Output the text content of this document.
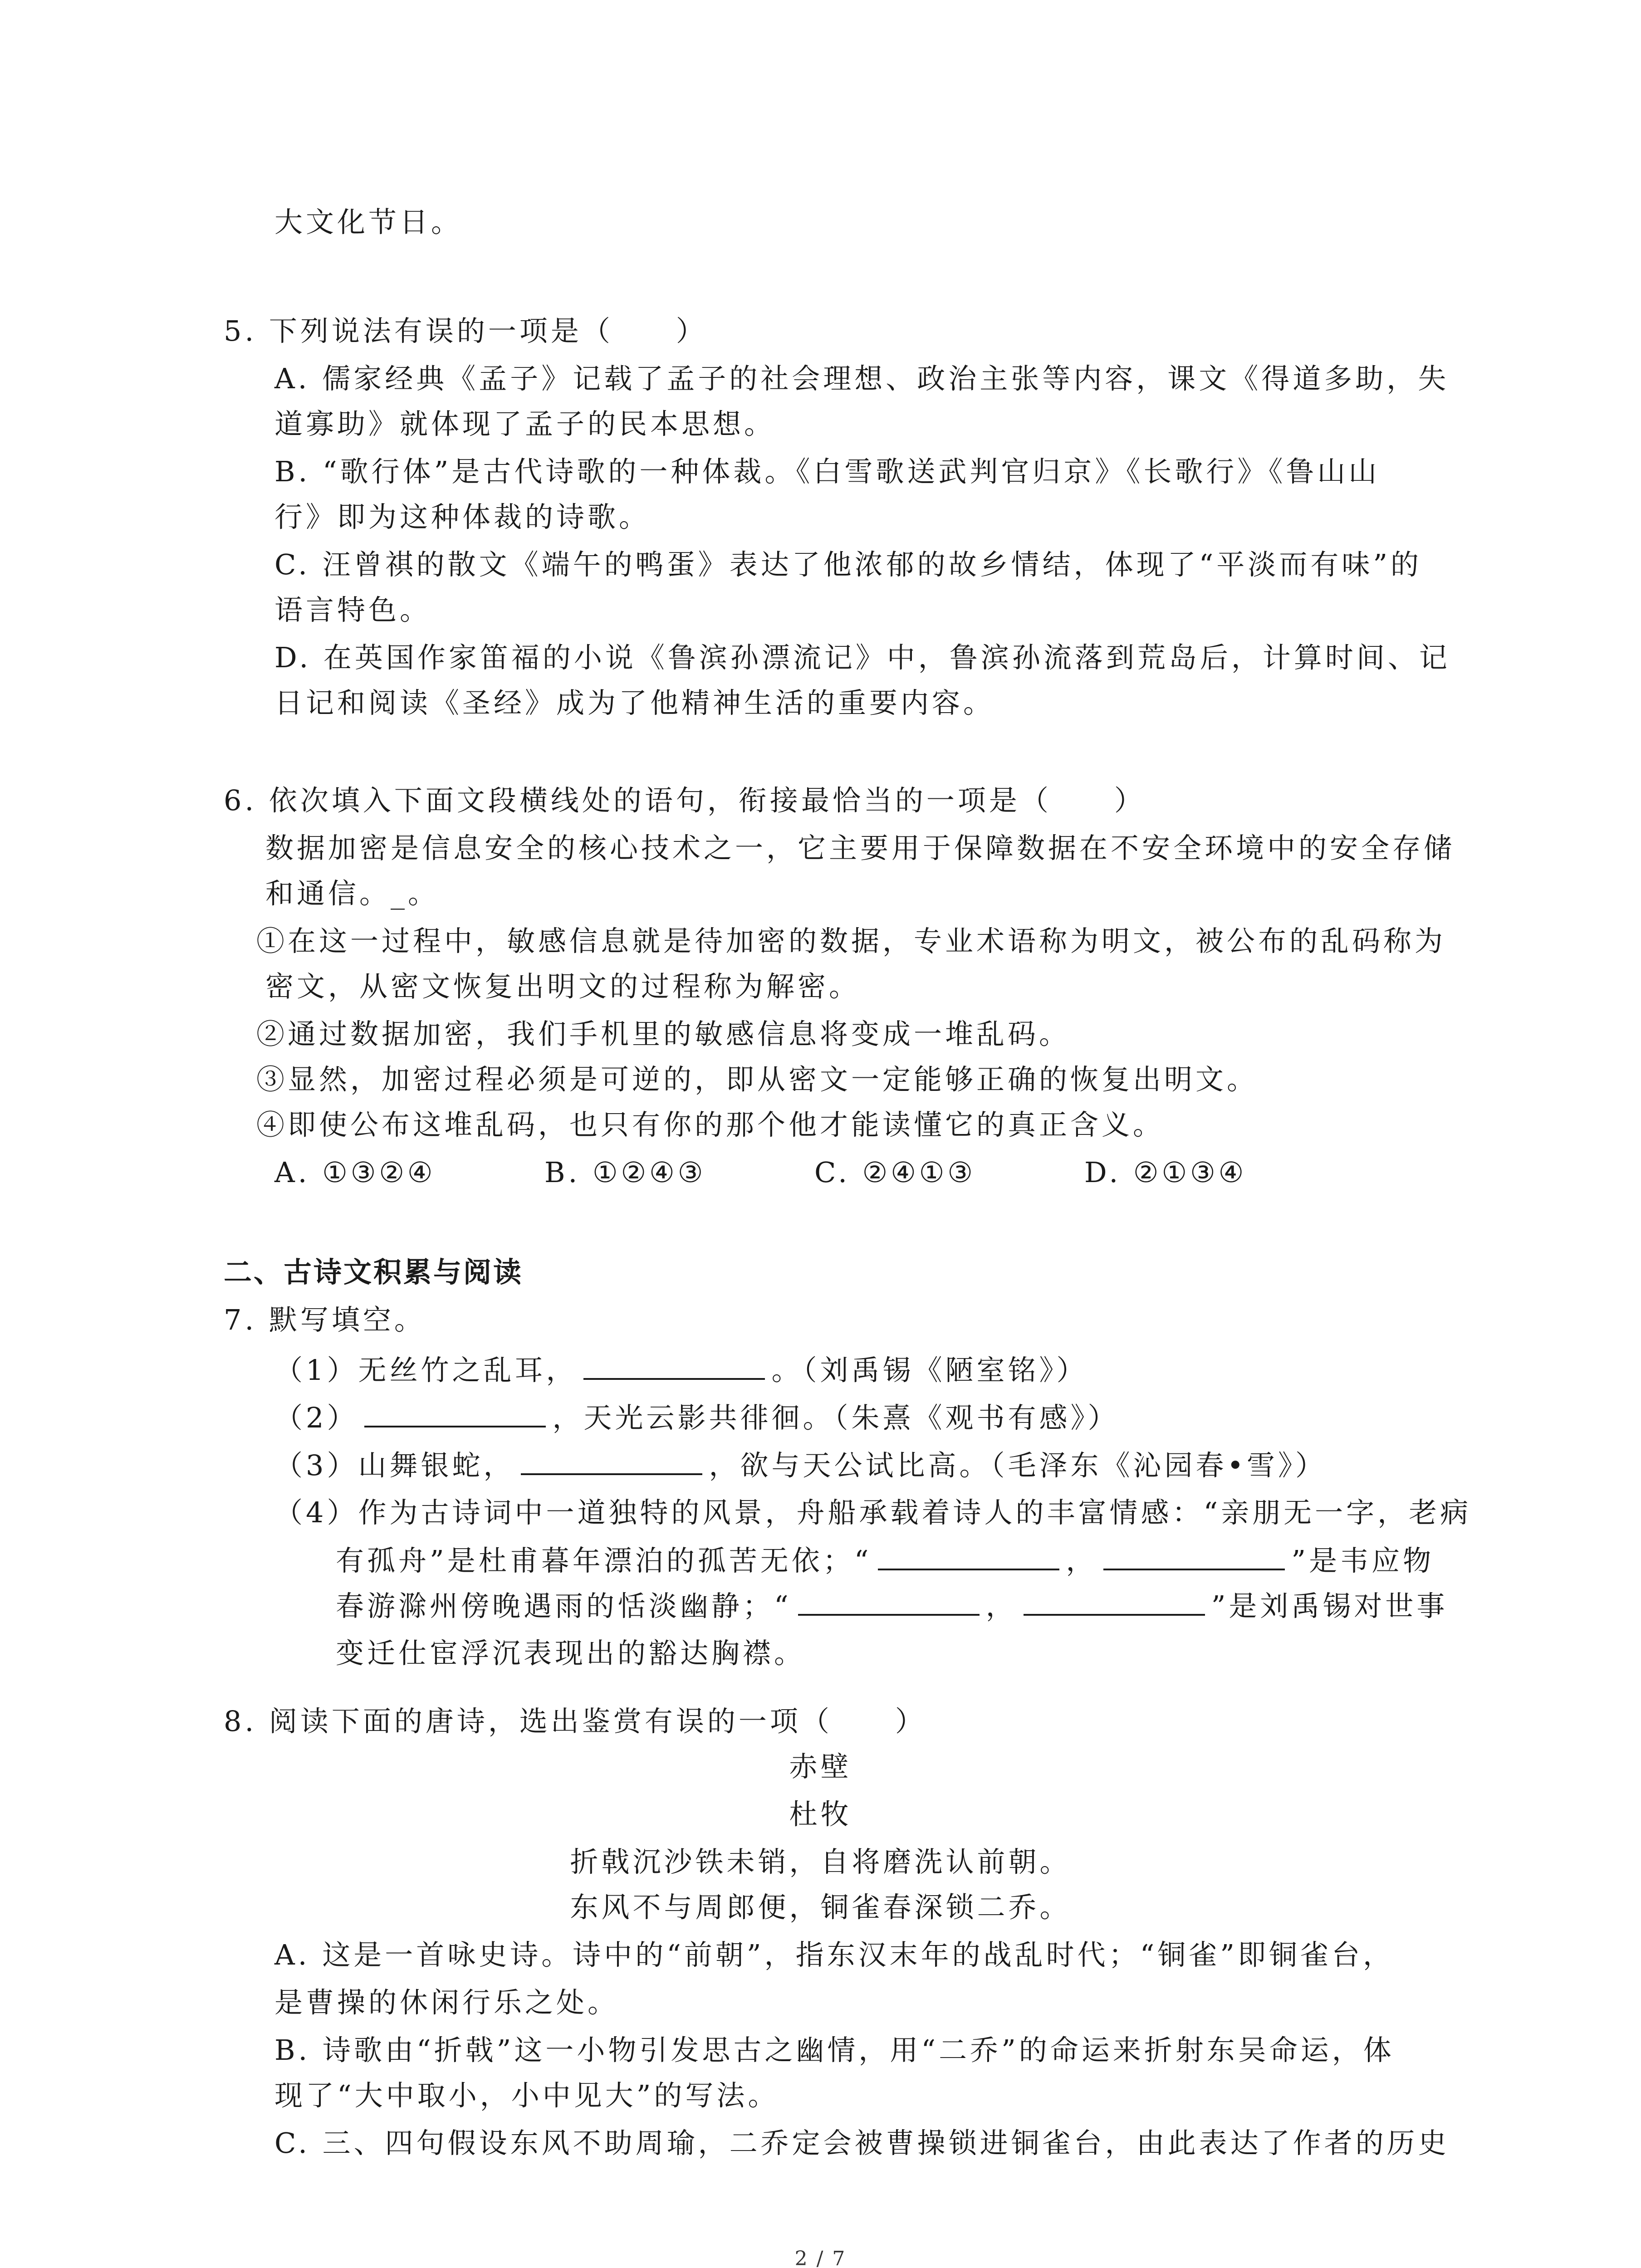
大文化节日。
5. 下列说法有误的一项是（　　）
A. 儒家经典《孟子》记载了孟子的社会理想、政治主张等内容，课文《得道多助，失
道寡助》就体现了孟子的民本思想。
B. “歌行体”是古代诗歌的一种体裁。《白雪歌送武判官归京》《长歌行》《鲁山山
行》即为这种体裁的诗歌。
C. 汪曾祺的散文《端午的鸭蛋》表达了他浓郁的故乡情结，体现了“平淡而有味”的
语言特色。
D. 在英国作家笛福的小说《鲁滨孙漂流记》中，鲁滨孙流落到荒岛后，计算时间、记
日记和阅读《圣经》成为了他精神生活的重要内容。
6. 依次填入下面文段横线处的语句，衔接最恰当的一项是（　　）
数据加密是信息安全的核心技术之一，它主要用于保障数据在不安全环境中的安全存储
和通信。_。
①在这一过程中，敏感信息就是待加密的数据，专业术语称为明文，被公布的乱码称为
密文，从密文恢复出明文的过程称为解密。
②通过数据加密，我们手机里的敏感信息将变成一堆乱码。
③显然，加密过程必须是可逆的，即从密文一定能够正确的恢复出明文。
④即使公布这堆乱码，也只有你的那个他才能读懂它的真正含义。
A. ①③②④	B. ①②④③	C. ②④①③	D. ②①③④
二、古诗文积累与阅读
7. 默写填空。
（1）无丝竹之乱耳，	。（刘禹锡《陋室铭》）
（2）	，天光云影共徘徊。（朱熹《观书有感》）
（3）山舞银蛇，	，欲与天公试比高。（毛泽东《沁园春•雪》）
（4）作为古诗词中一道独特的风景，舟船承载着诗人的丰富情感：“亲朋无一字，老病
有孤舟”是杜甫暮年漂泊的孤苦无依；“	，	”是韦应物
春游滁州傍晚遇雨的恬淡幽静；“	，	”是刘禹锡对世事
变迁仕宦浮沉表现出的豁达胸襟。
8. 阅读下面的唐诗，选出鉴赏有误的一项（　　）
赤壁
杜牧
折戟沉沙铁未销，自将磨洗认前朝。
东风不与周郎便，铜雀春深锁二乔。
A. 这是一首咏史诗。诗中的“前朝”，指东汉末年的战乱时代；“铜雀”即铜雀台，
是曹操的休闲行乐之处。
B. 诗歌由“折戟”这一小物引发思古之幽情，用“二乔”的命运来折射东吴命运，体
现了“大中取小，小中见大”的写法。
C. 三、四句假设东风不助周瑜，二乔定会被曹操锁进铜雀台，由此表达了作者的历史
2 / 7
